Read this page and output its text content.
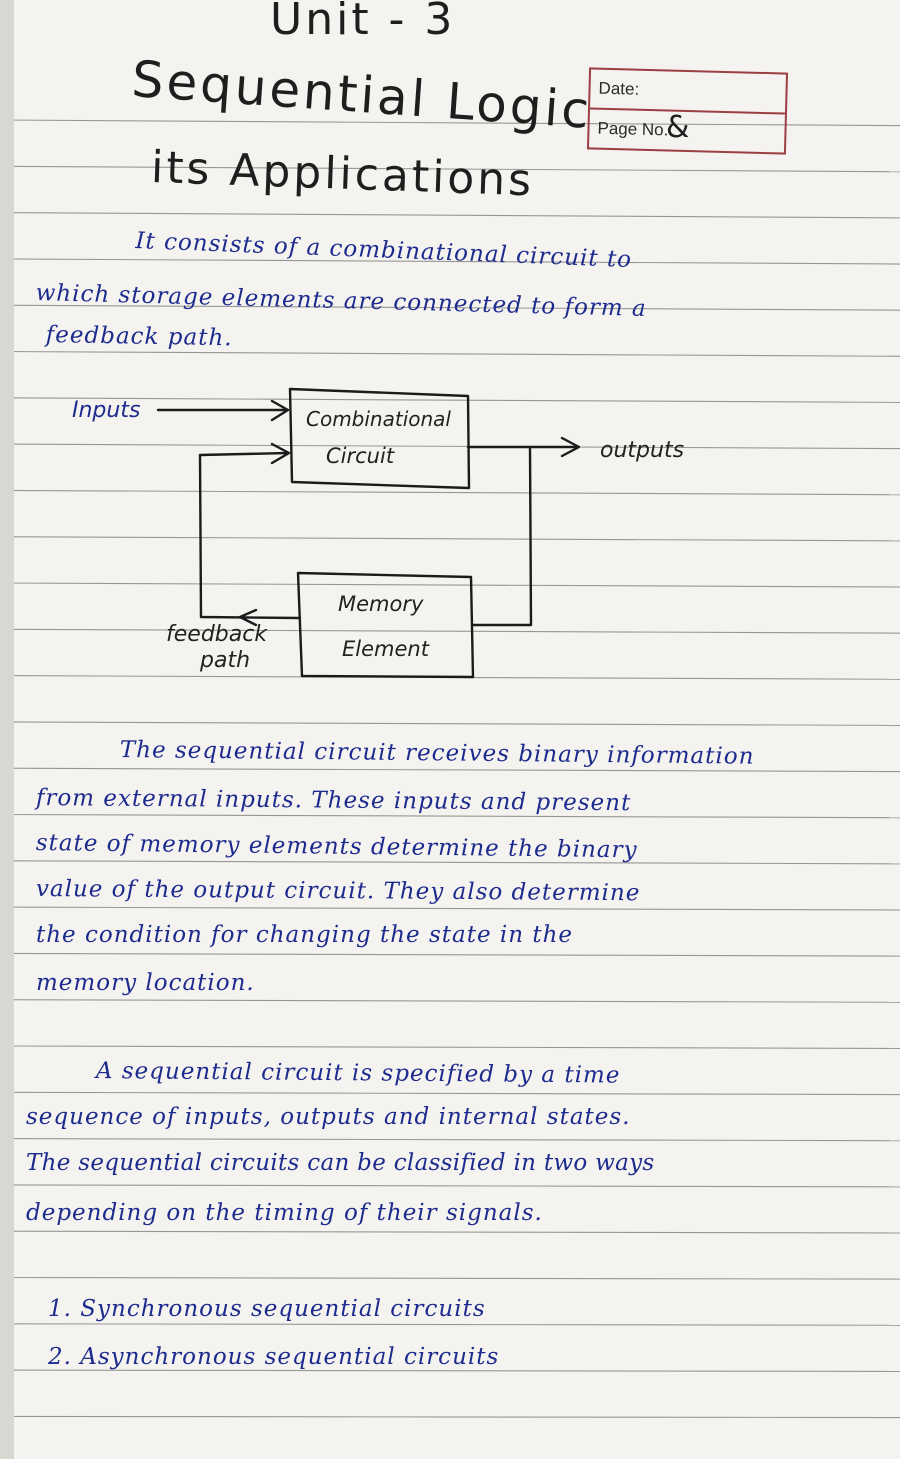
Unit - 3
Sequential Logic &
its Applications
Date:
Page No.
It consists of a combinational circuit to
which storage elements are connected to form a
feedback path.
Inputs	Combinational
Circuit	outputs
Memory
Element
feedback
path
The sequential circuit receives binary information
from external inputs. These inputs and present
state of memory elements determine the binary
value of the output circuit. They also determine
the condition for changing the state in the
memory location.
A sequential circuit is specified by a time
sequence of inputs, outputs and internal states.
The sequential circuits can be classified in two ways
depending on the timing of their signals.
1. Synchronous sequential circuits
2. Asynchronous sequential circuits
